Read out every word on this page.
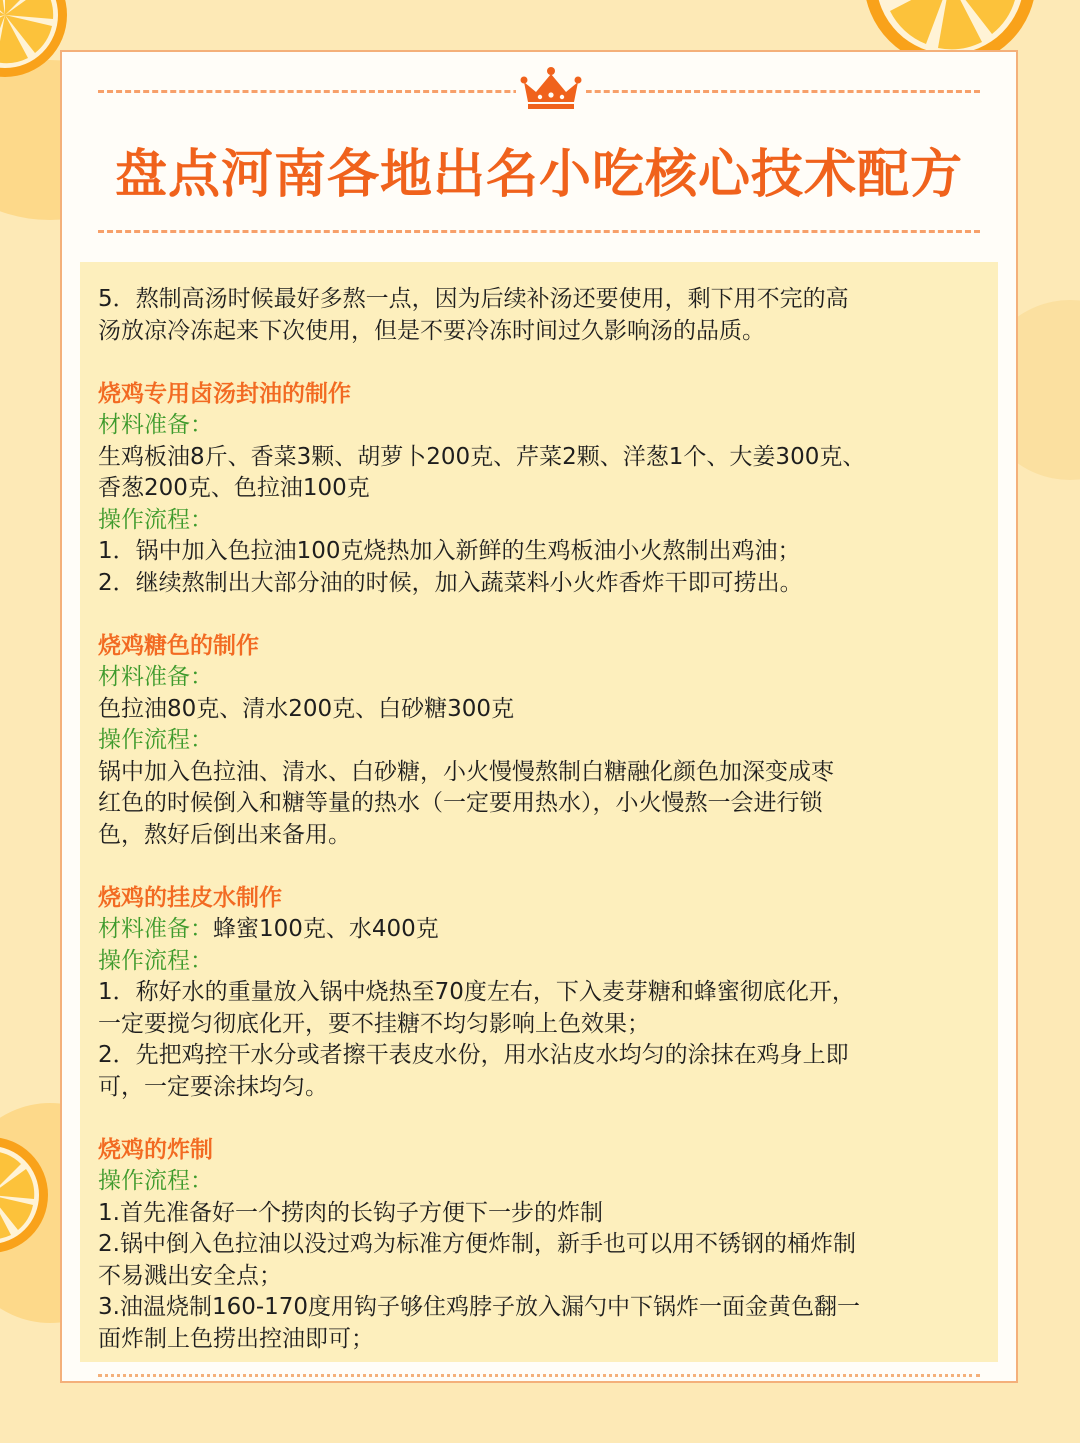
盘点河南各地出名小吃核心技术配方

5．熬制高汤时候最好多熬一点，因为后续补汤还要使用，剩下用不完的高

汤放凉冷冻起来下次使用，但是不要冷冻时间过久影响汤的品质。

烧鸡专用卤汤封油的制作

材料准备：

生鸡板油8斤、香菜3颗、胡萝卜200克、芹菜2颗、洋葱1个、大姜300克、

香葱200克、色拉油100克

操作流程：

1．锅中加入色拉油100克烧热加入新鲜的生鸡板油小火熬制出鸡油；

2．继续熬制出大部分油的时候，加入蔬菜料小火炸香炸干即可捞出。

烧鸡糖色的制作

材料准备：

色拉油80克、清水200克、白砂糖300克

操作流程：

锅中加入色拉油、清水、白砂糖，小火慢慢熬制白糖融化颜色加深变成枣

红色的时候倒入和糖等量的热水（一定要用热水），小火慢熬一会进行锁

色，熬好后倒出来备用。

烧鸡的挂皮水制作

材料准备：蜂蜜100克、水400克

操作流程：

1．称好水的重量放入锅中烧热至70度左右，下入麦芽糖和蜂蜜彻底化开，

一定要搅匀彻底化开，要不挂糖不均匀影响上色效果；

2．先把鸡控干水分或者擦干表皮水份，用水沾皮水均匀的涂抹在鸡身上即

可，一定要涂抹均匀。

烧鸡的炸制

操作流程：

1.首先准备好一个捞肉的长钩子方便下一步的炸制

2.锅中倒入色拉油以没过鸡为标准方便炸制，新手也可以用不锈钢的桶炸制

不易溅出安全点；

3.油温烧制160-170度用钩子够住鸡脖子放入漏勺中下锅炸一面金黄色翻一

面炸制上色捞出控油即可；
